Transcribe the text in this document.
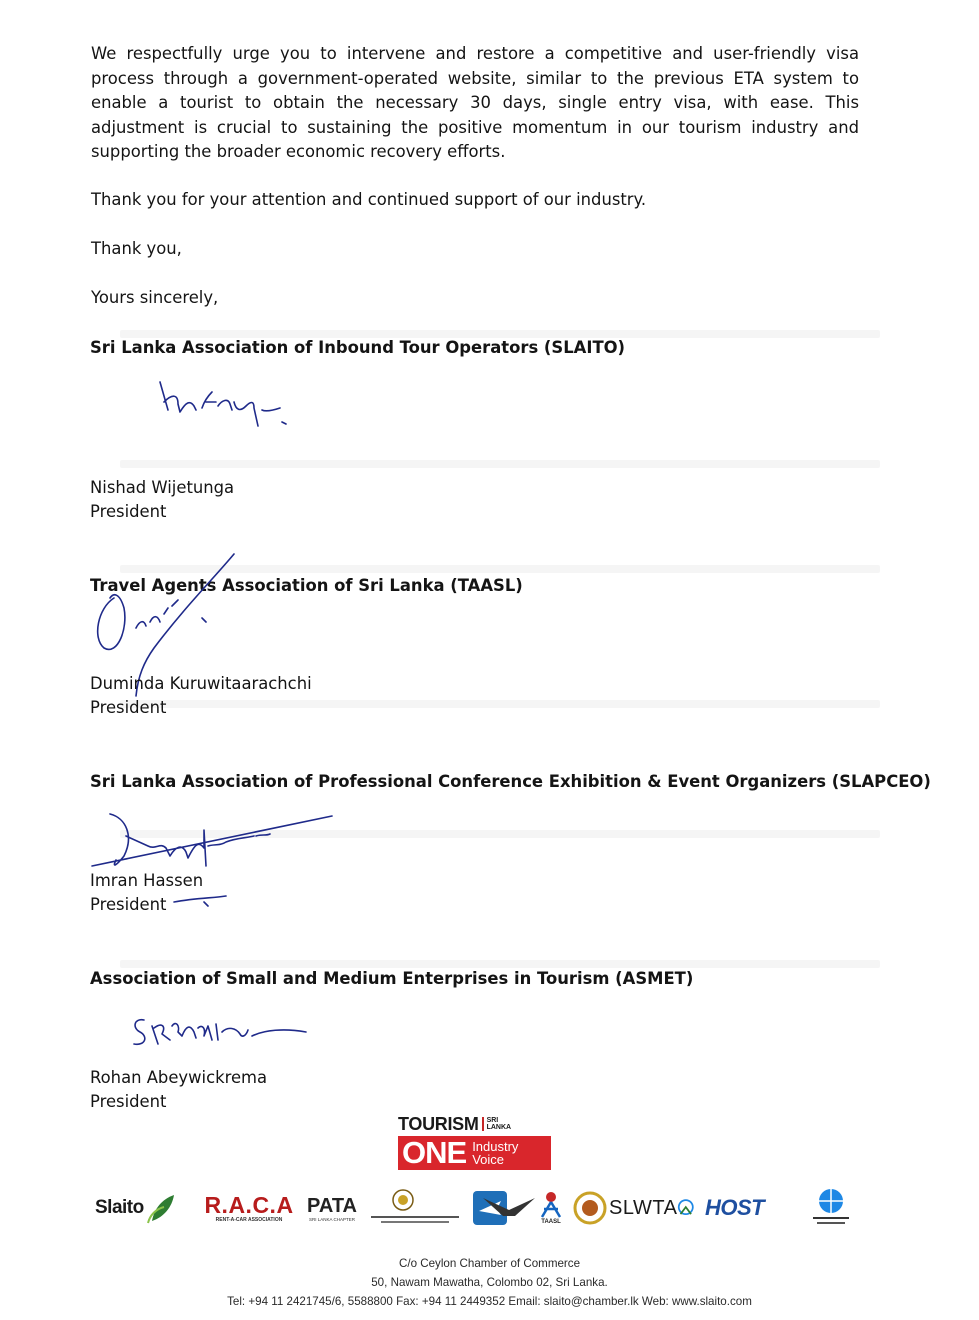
We respectfully urge you to intervene and restore a competitive and user-friendly visa process through a government-operated website, similar to the previous ETA system to enable a tourist to obtain the necessary 30 days, single entry visa, with ease. This adjustment is crucial to sustaining the positive momentum in our tourism industry and supporting the broader economic recovery efforts.

Thank you for your attention and continued support of our industry.

Thank you,

Yours sincerely,

Sri Lanka Association of Inbound Tour Operators (SLAITO)

Nishad Wijetunga

President

Travel Agents Association of Sri Lanka (TAASL)

Duminda Kuruwitaarachchi

President

Sri Lanka Association of Professional Conference Exhibition & Event Organizers (SLAPCEO)

Imran Hassen

President

Association of Small and Medium Enterprises in Tourism (ASMET)

Rohan Abeywickrema

President

TOURISM	SRI
LANKA
ONE Industry
Voice
Slaito	R.A.C.A
RENT-A-CAR ASSOCIATION
PATA
SRI LANKA CHAPTER	TAASL
SLWTA HOST

C/o Ceylon Chamber of Commerce

50, Nawam Mawatha, Colombo 02, Sri Lanka.

Tel: +94 11 2421745/6, 5588800 Fax: +94 11 2449352 Email: slaito@chamber.lk Web: www.slaito.com
